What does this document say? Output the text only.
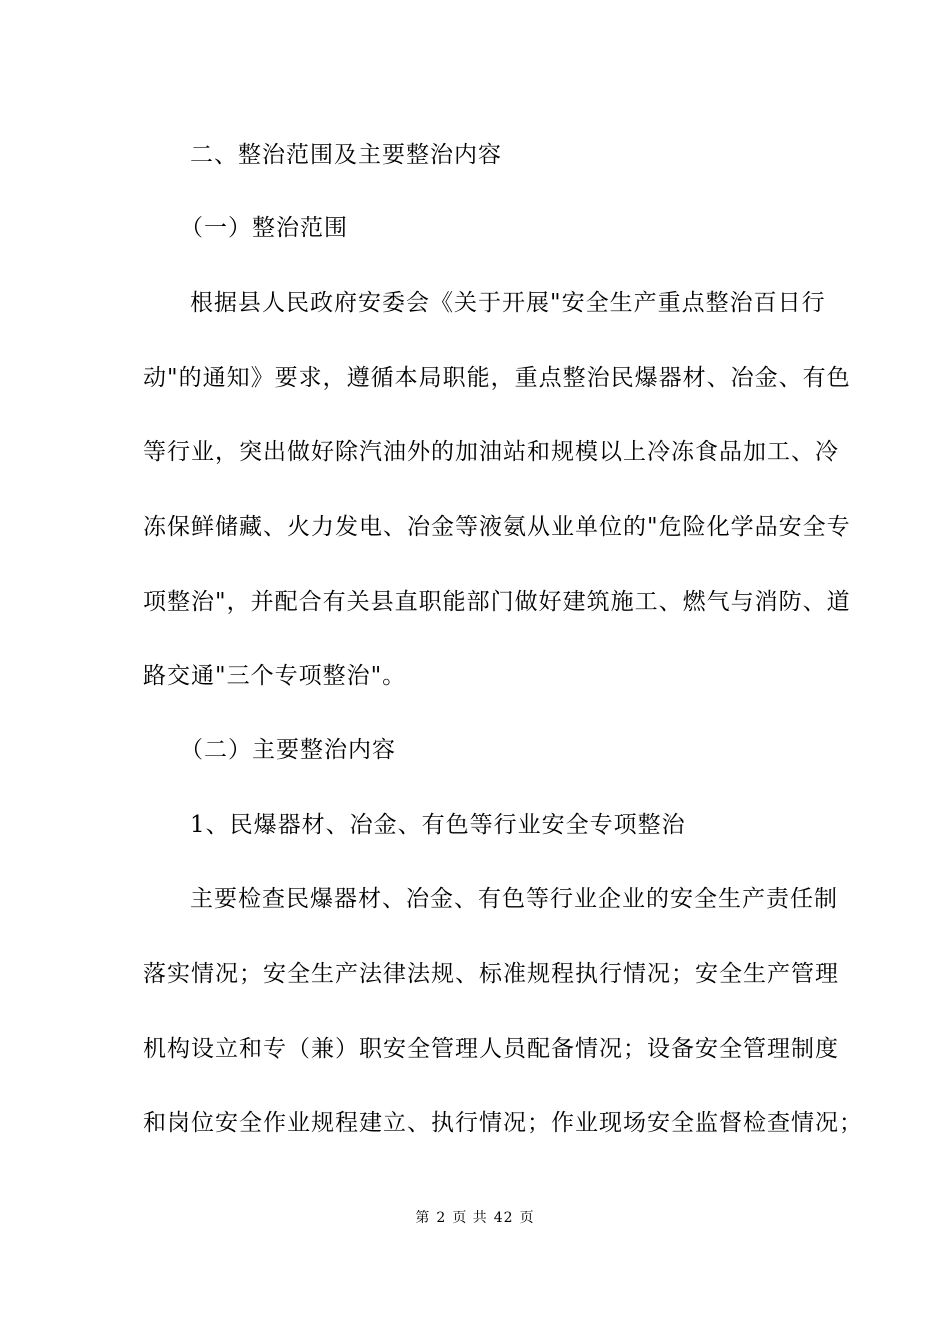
二、整治范围及主要整治内容
（一）整治范围
根据县人民政府安委会《关于开展"安全生产重点整治百日行
动"的通知》要求，遵循本局职能，重点整治民爆器材、冶金、有色
等行业，突出做好除汽油外的加油站和规模以上冷冻食品加工、冷
冻保鲜储藏、火力发电、冶金等液氨从业单位的"危险化学品安全专
项整治"，并配合有关县直职能部门做好建筑施工、燃气与消防、道
路交通"三个专项整治"。
（二）主要整治内容
1、民爆器材、冶金、有色等行业安全专项整治
主要检查民爆器材、冶金、有色等行业企业的安全生产责任制
落实情况；安全生产法律法规、标准规程执行情况；安全生产管理
机构设立和专（兼）职安全管理人员配备情况；设备安全管理制度
和岗位安全作业规程建立、执行情况；作业现场安全监督检查情况；
第 2 页 共 42 页
